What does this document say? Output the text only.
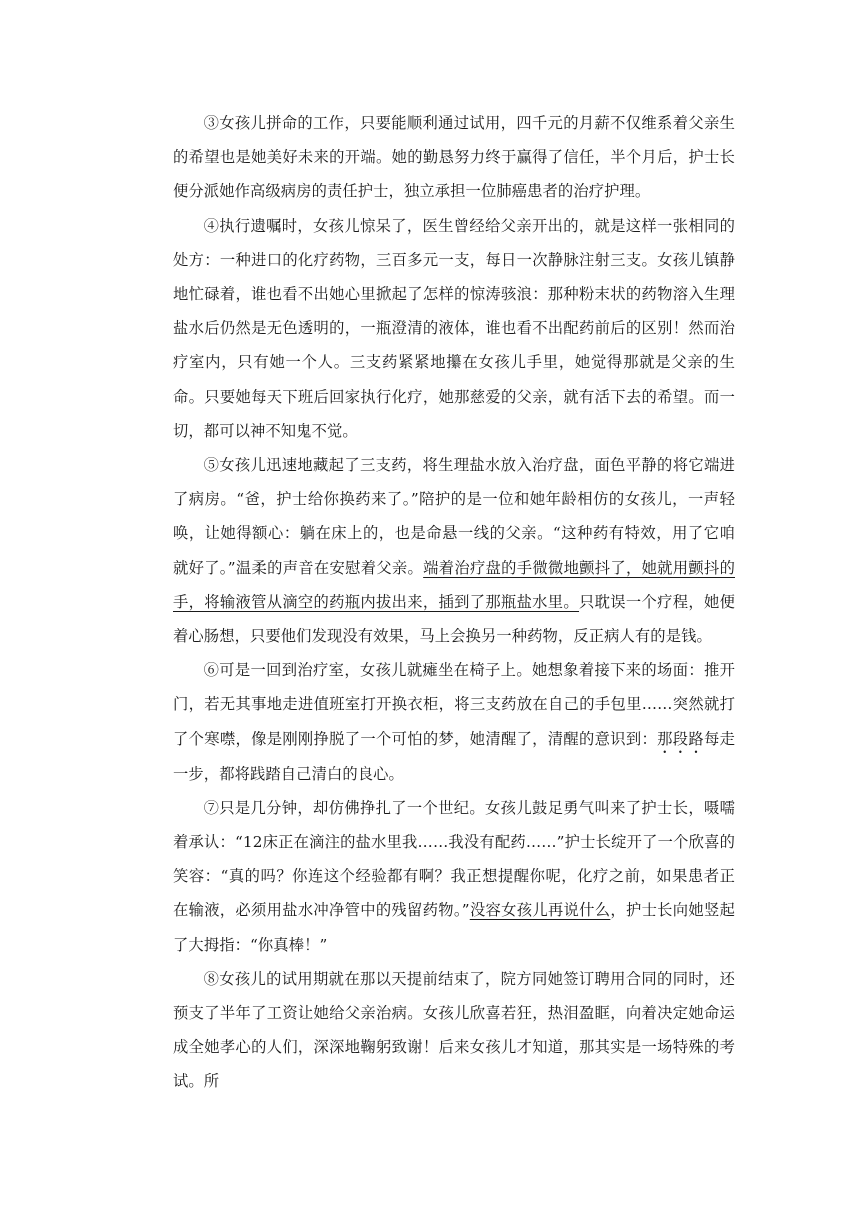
③女孩儿拼命的工作，只要能顺利通过试用，四千元的月薪不仅维系着父亲生的希望也是她美好未来的开端。她的勤恳努力终于赢得了信任，半个月后，护士长便分派她作高级病房的责任护士，独立承担一位肺癌患者的治疗护理。

④执行遗嘱时，女孩儿惊呆了，医生曾经给父亲开出的，就是这样一张相同的处方：一种进口的化疗药物，三百多元一支，每日一次静脉注射三支。女孩儿镇静地忙碌着，谁也看不出她心里掀起了怎样的惊涛骇浪：那种粉末状的药物溶入生理盐水后仍然是无色透明的，一瓶澄清的液体，谁也看不出配药前后的区别！然而治疗室内，只有她一个人。三支药紧紧地攥在女孩儿手里，她觉得那就是父亲的生命。只要她每天下班后回家执行化疗，她那慈爱的父亲，就有活下去的希望。而一切，都可以神不知鬼不觉。

⑤女孩儿迅速地藏起了三支药，将生理盐水放入治疗盘，面色平静的将它端进了病房。“爸，护士给你换药来了。”陪护的是一位和她年龄相仿的女孩儿，一声轻唤，让她得额心：躺在床上的，也是命悬一线的父亲。“这种药有特效，用了它咱就好了。”温柔的声音在安慰着父亲。端着治疗盘的手微微地颤抖了，她就用颤抖的手，将输液管从滴空的药瓶内拔出来，插到了那瓶盐水里。只耽误一个疗程，她便着心肠想，只要他们发现没有效果，马上会换另一种药物，反正病人有的是钱。

⑥可是一回到治疗室，女孩儿就瘫坐在椅子上。她想象着接下来的场面：推开门，若无其事地走进值班室打开换衣柜，将三支药放在自己的手包里……突然就打了个寒噤，像是刚刚挣脱了一个可怕的梦，她清醒了，清醒的意识到：那段路每走一步，都将践踏自己清白的良心。

⑦只是几分钟，却仿佛挣扎了一个世纪。女孩儿鼓足勇气叫来了护士长，嗫嚅着承认：“12床正在滴注的盐水里我……我没有配药……”护士长绽开了一个欣喜的笑容：“真的吗？你连这个经验都有啊？我正想提醒你呢，化疗之前，如果患者正在输液，必须用盐水冲净管中的残留药物。”没容女孩儿再说什么，护士长向她竖起了大拇指：“你真棒！”

⑧女孩儿的试用期就在那以天提前结束了，院方同她签订聘用合同的同时，还预支了半年了工资让她给父亲治病。女孩儿欣喜若狂，热泪盈眶，向着决定她命运成全她孝心的人们，深深地鞠躬致谢！后来女孩儿才知道，那其实是一场特殊的考试。所
